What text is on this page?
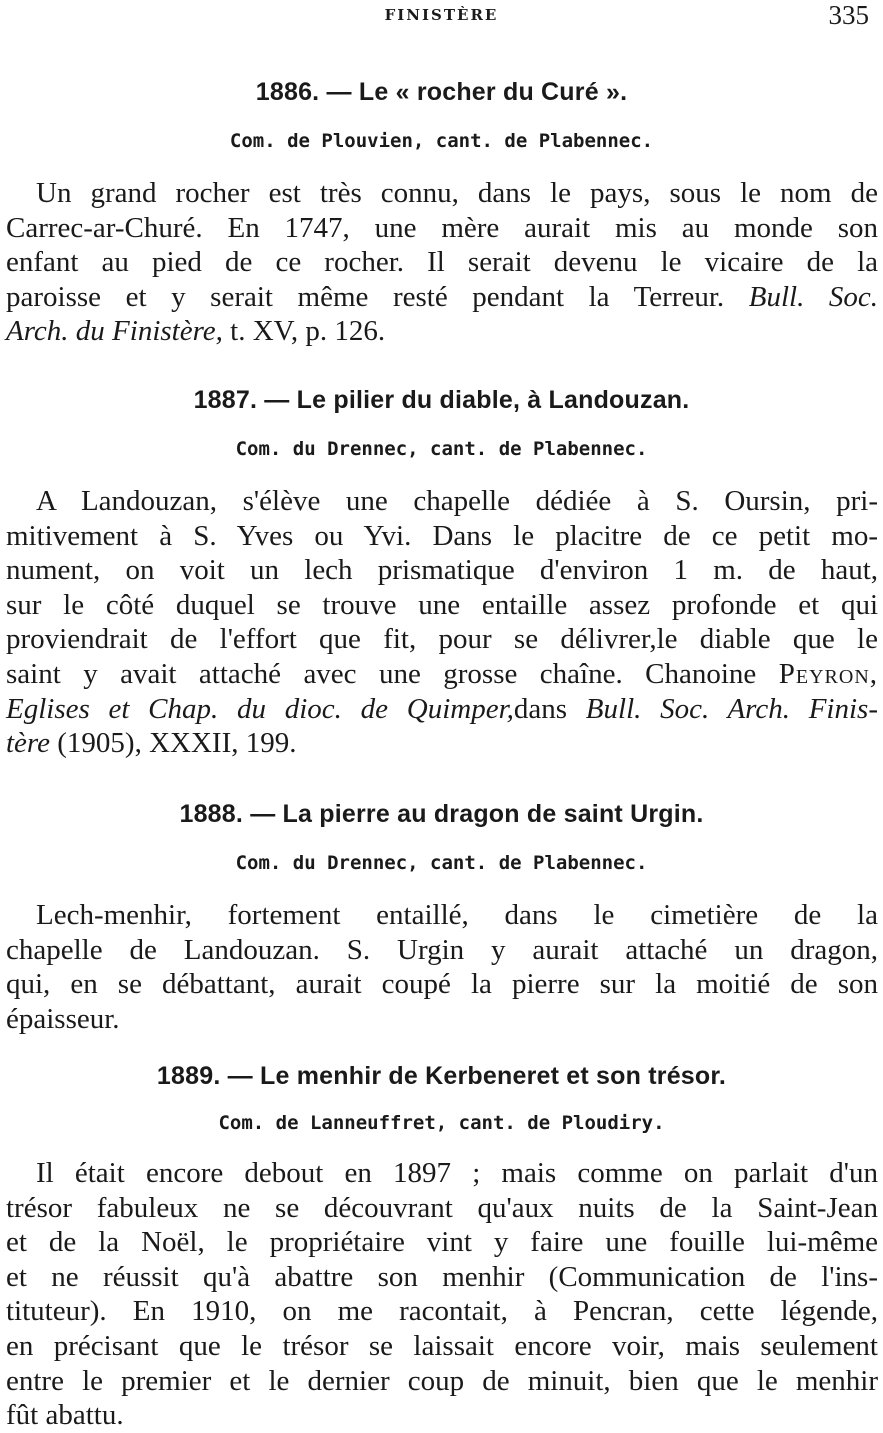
FINISTÈRE	335
1886. — Le « rocher du Curé ».
Com. de Plouvien, cant. de Plabennec.
Un grand rocher est très connu, dans le pays, sous le nom de
Carrec-ar-Churé. En 1747, une mère aurait mis au monde son
enfant au pied de ce rocher. Il serait devenu le vicaire de la
paroisse et y serait même resté pendant la Terreur. Bull. Soc.
Arch. du Finistère, t. XV, p. 126.
1887. — Le pilier du diable, à Landouzan.
Com. du Drennec, cant. de Plabennec.
A Landouzan, s'élève une chapelle dédiée à S. Oursin, pri-
mitivement à S. Yves ou Yvi. Dans le placitre de ce petit mo-
nument, on voit un lech prismatique d'environ 1 m. de haut,
sur le côté duquel se trouve une entaille assez profonde et qui
proviendrait de l'effort que fit, pour se délivrer,le diable que le
saint y avait attaché avec une grosse chaîne. Chanoine Peyron,
Eglises et Chap. du dioc. de Quimper,dans Bull. Soc. Arch. Finis-
tère (1905), XXXII, 199.
1888. — La pierre au dragon de saint Urgin.
Com. du Drennec, cant. de Plabennec.
Lech-menhir, fortement entaillé, dans le cimetière de la
chapelle de Landouzan. S. Urgin y aurait attaché un dragon,
qui, en se débattant, aurait coupé la pierre sur la moitié de son
épaisseur.
1889. — Le menhir de Kerbeneret et son trésor.
Com. de Lanneuffret, cant. de Ploudiry.
Il était encore debout en 1897 ; mais comme on parlait d'un
trésor fabuleux ne se découvrant qu'aux nuits de la Saint-Jean
et de la Noël, le propriétaire vint y faire une fouille lui-même
et ne réussit qu'à abattre son menhir (Communication de l'ins-
tituteur). En 1910, on me racontait, à Pencran, cette légende,
en précisant que le trésor se laissait encore voir, mais seulement
entre le premier et le dernier coup de minuit, bien que le menhir
fût abattu.
